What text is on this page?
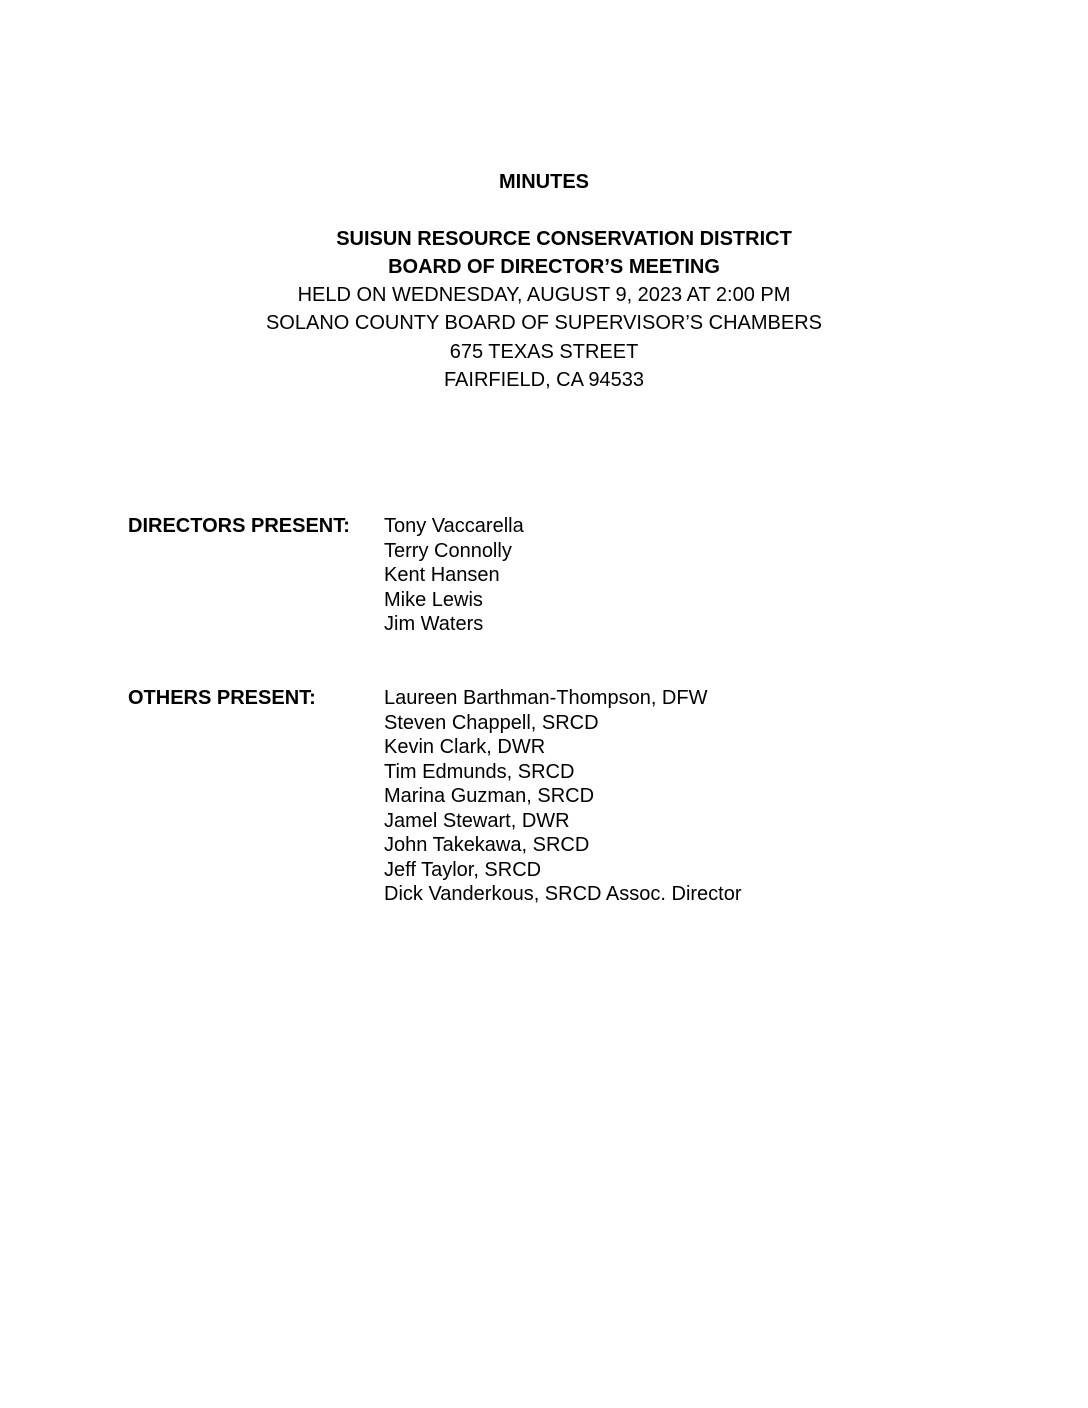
MINUTES
SUISUN RESOURCE CONSERVATION DISTRICT
BOARD OF DIRECTOR’S MEETING
HELD ON WEDNESDAY, AUGUST 9, 2023 AT 2:00 PM
SOLANO COUNTY BOARD OF SUPERVISOR’S CHAMBERS
675 TEXAS STREET
FAIRFIELD, CA 94533
DIRECTORS PRESENT: Tony Vaccarella
Terry Connolly
Kent Hansen
Mike Lewis
Jim Waters
OTHERS PRESENT:	Laureen Barthman-Thompson, DFW
Steven Chappell, SRCD
Kevin Clark, DWR
Tim Edmunds, SRCD
Marina Guzman, SRCD
Jamel Stewart, DWR
John Takekawa, SRCD
Jeff Taylor, SRCD
Dick Vanderkous, SRCD Assoc. Director
